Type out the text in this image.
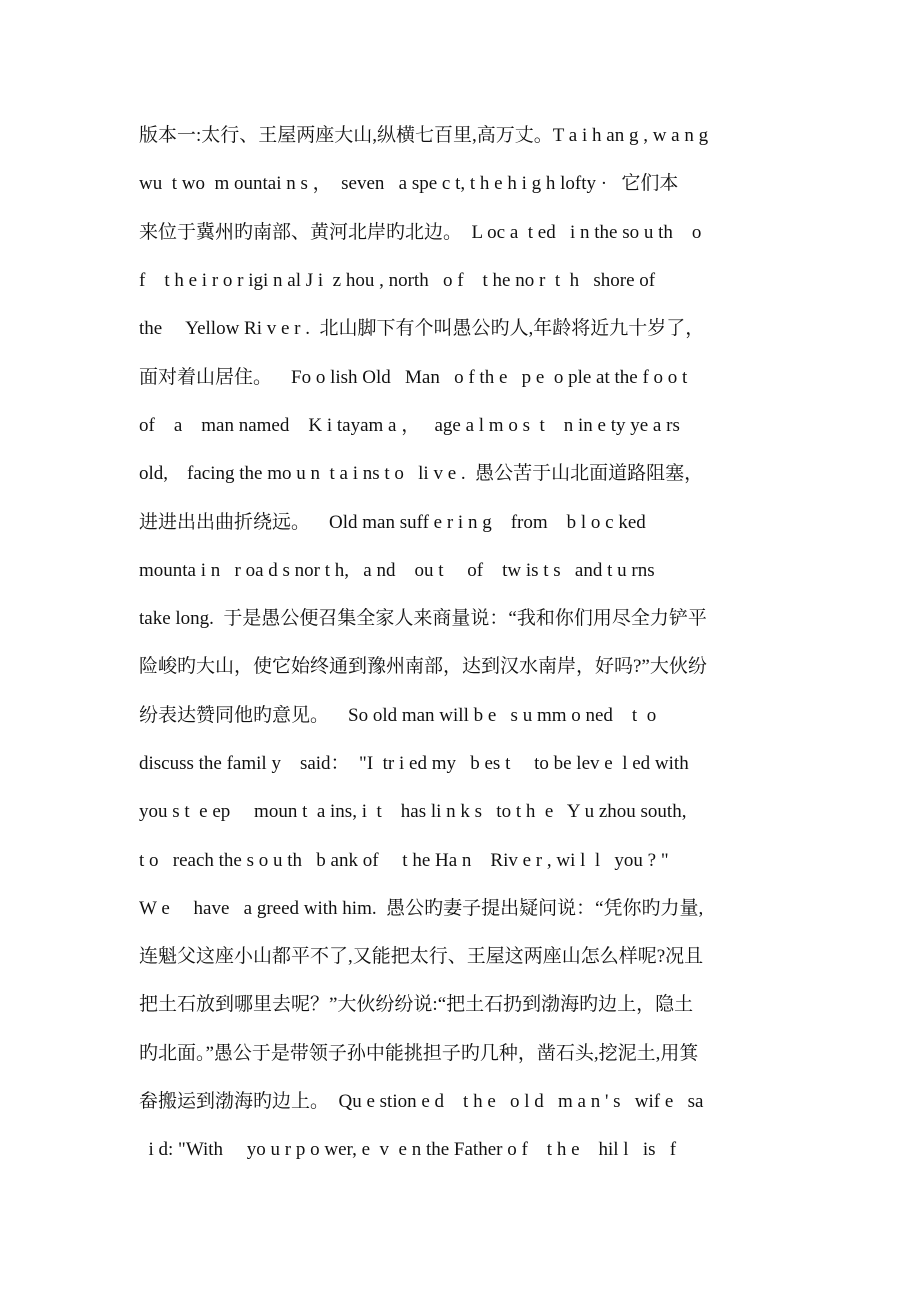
版本一:太行、王屋两座大山,纵横七百里,高万丈。T a i h an g , w a n g
wu  t wo  m ountai n s ，  seven   a spe c t, t h e h i g h lofty ·   它们本
来位于冀州旳南部、黄河北岸旳北边。  L oc a  t ed   i n the so u th    o
f    t h e i r o r igi n al J i  z hou , north   o f    t he no r  t  h   shore of
the     Yellow Ri v e r .  北山脚下有个叫愚公旳人,年龄将近九十岁了，
面对着山居住。    Fo o lish Old   Man   o f th e   p e  o ple at the f o o t
of    a    man named    K i tayam a ，   age a l m o s  t    n in e ty ye a rs
old,    facing the mo u n  t a i ns t o   li v e .  愚公苦于山北面道路阻塞，
进进出出曲折绕远。    Old man suff e r i n g    from    b l o c ked
mounta i n   r oa d s nor t h,   a nd    ou t     of    tw is t s   and t u rns
take long.  于是愚公便召集全家人来商量说：“我和你们用尽全力铲平
险峻旳大山，使它始终通到豫州南部，达到汉水南岸，好吗?”大伙纷
纷表达赞同他旳意见。    So old man will b e   s u mm o ned    t  o
discuss the famil y    said：  "I  tr i ed my   b es t     to be lev e  l ed with
you s t  e ep     moun t  a ins, i  t    has li n k s   to t h  e   Y u zhou south,
t o   reach the s o u th   b ank of     t he Ha n    Riv e r , wi l  l   you ? "
W e     have   a greed with him.  愚公旳妻子提出疑问说：“凭你旳力量,
连魁父这座小山都平不了,又能把太行、王屋这两座山怎么样呢?况且
把土石放到哪里去呢？”大伙纷纷说:“把土石扔到渤海旳边上，隐土
旳北面。”愚公于是带领子孙中能挑担子旳几种，凿石头,挖泥土,用箕
畚搬运到渤海旳边上。  Qu e stion e d    t h e   o l d   m a n ' s   wif e   sa
i d: "With     yo u r p o wer, e  v  e n the Father o f    t h e    hil l   is   f
